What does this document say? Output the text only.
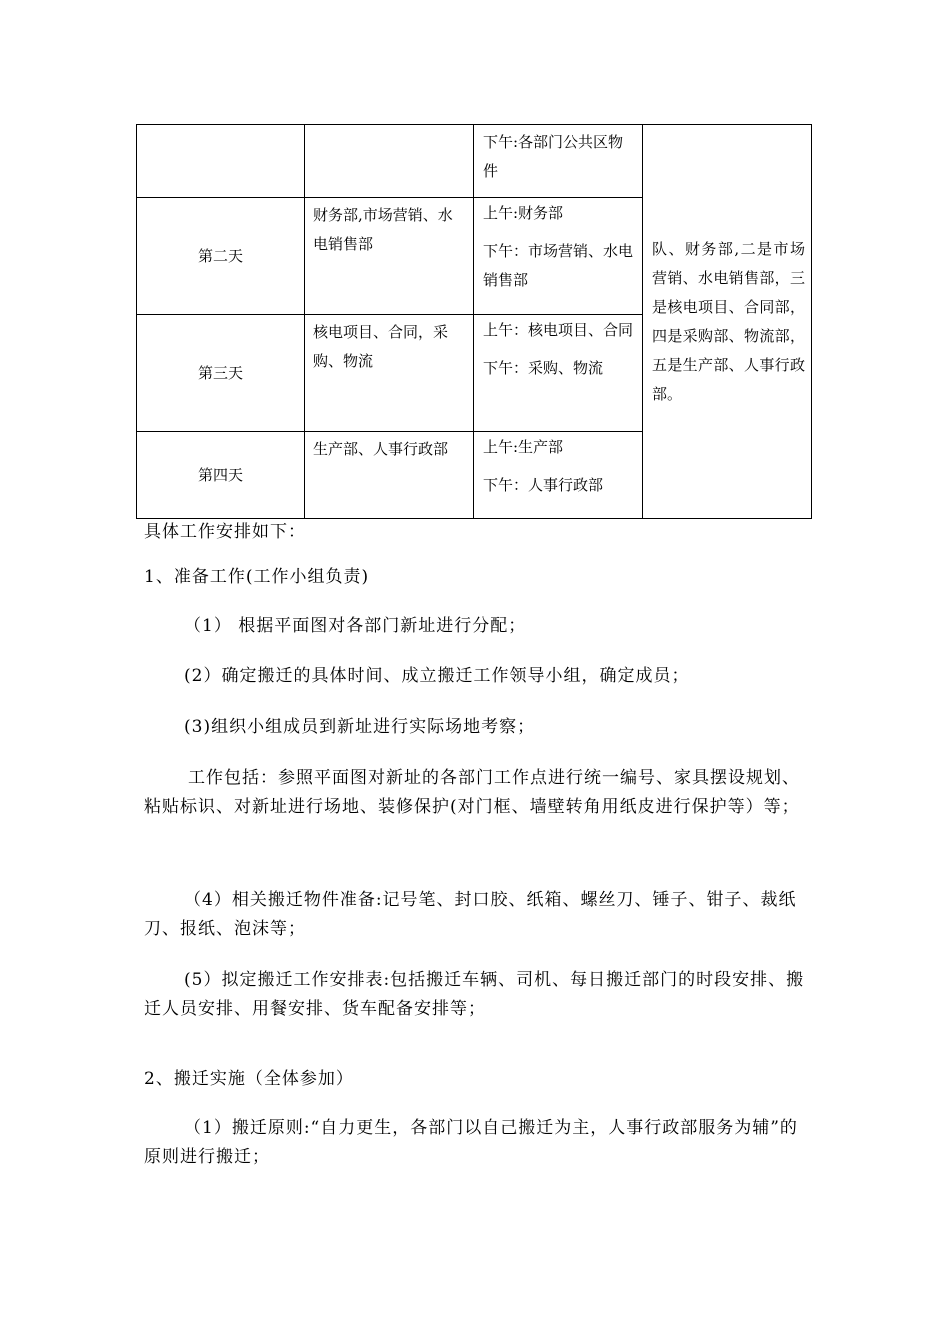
		下午:各部门公共区物件	队、财务部,二是市场营销、水电销售部，三是核电项目、合同部，四是采购部、物流部，五是生产部、人事行政部。
第二天	财务部,市场营销、水电销售部	上午:财务部
下午：市场营销、水电销售部	

第三天	核电项目、合同，采购、物流	上午：核电项目、合同
下午：采购、物流	

第四天	生产部、人事行政部	上午:生产部
下午：人事行政部	

具体工作安排如下：

1、准备工作(工作小组负责)

（1） 根据平面图对各部门新址进行分配；

(2）确定搬迁的具体时间、成立搬迁工作领导小组，确定成员；

(3)组织小组成员到新址进行实际场地考察；

工作包括：参照平面图对新址的各部门工作点进行统一编号、家具摆设规划、粘贴标识、对新址进行场地、装修保护(对门框、墙壁转角用纸皮进行保护等）等；

（4）相关搬迁物件准备:记号笔、封口胶、纸箱、螺丝刀、锤子、钳子、裁纸刀、报纸、泡沫等；

(5）拟定搬迁工作安排表:包括搬迁车辆、司机、每日搬迁部门的时段安排、搬迁人员安排、用餐安排、货车配备安排等；

2、搬迁实施（全体参加）

（1）搬迁原则:“自力更生，各部门以自己搬迁为主，人事行政部服务为辅”的原则进行搬迁；
